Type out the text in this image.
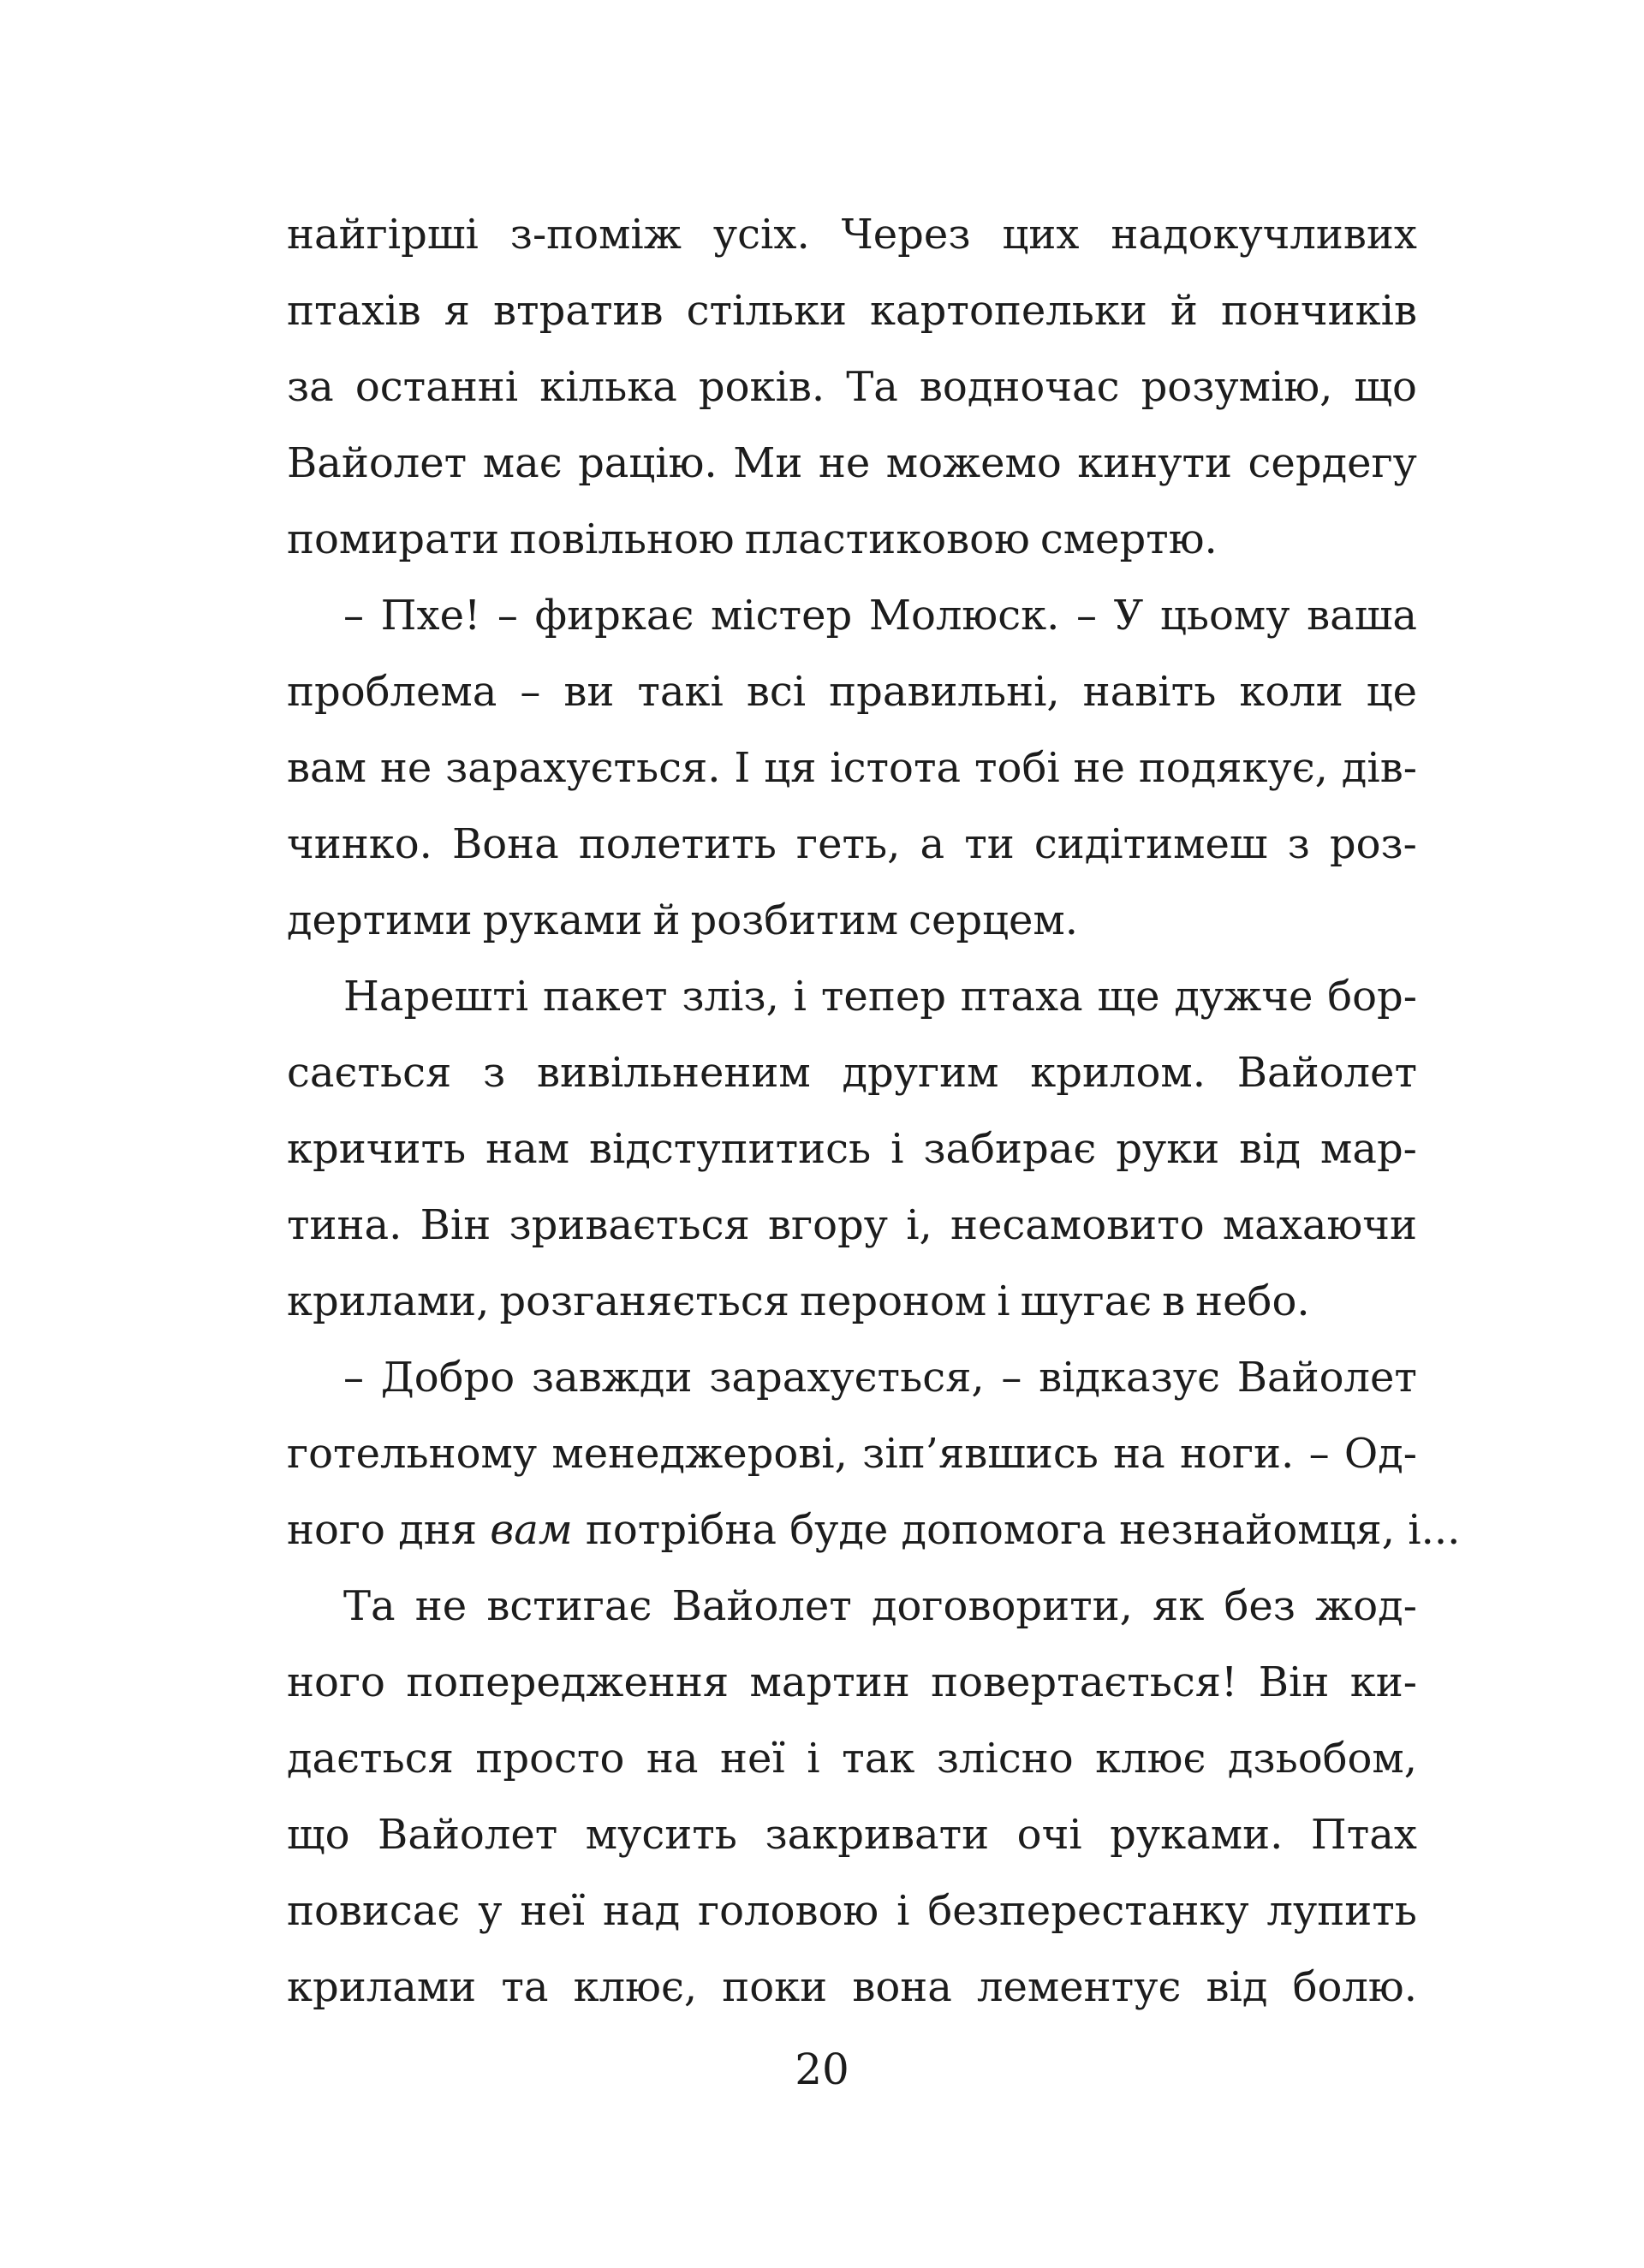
найгірші з-поміж усіх. Через цих надокучливих
птахів я втратив стільки картопельки й пончиків
за останні кілька років. Та водночас розумію, що
Вайолет має рацію. Ми не можемо кинути сердегу
помирати повільною пластиковою смертю.
– Пхе! – фиркає містер Молюск. – У цьому ваша
проблема – ви такі всі правильні, навіть коли це
вам не зарахується. І ця істота тобі не подякує, дів-
чинко. Вона полетить геть, а ти сидітимеш з роз-
дертими руками й розбитим серцем.
Нарешті пакет зліз, і тепер птаха ще дужче бор-
сається з вивільненим другим крилом. Вайолет
кричить нам відступитись і забирає руки від мар-
тина. Він зривається вгору і, несамовито махаючи
крилами, розганяється пероном і шугає в небо.
– Добро завжди зарахується, – відказує Вайолет
готельному менеджерові, зіп’явшись на ноги. – Од-
ного дня вам потрібна буде допомога незнайомця, і...
Та не встигає Вайолет договорити, як без жод-
ного попередження мартин повертається! Він ки-
дається просто на неї і так злісно клює дзьобом,
що Вайолет мусить закривати очі руками. Птах
повисає у неї над головою і безперестанку лупить
крилами та клює, поки вона лементує від болю.
20
